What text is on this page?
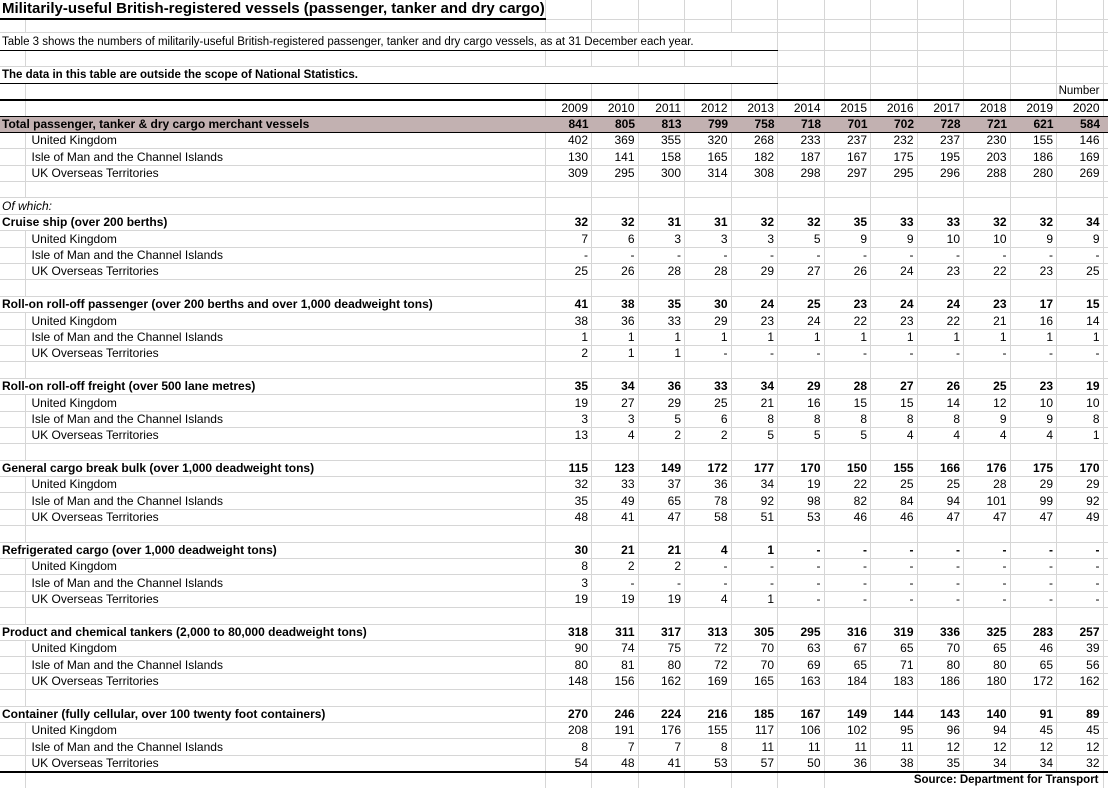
Militarily-useful British-registered vessels (passenger, tanker and dry cargo)														

Table 3 shows the numbers of militarily-useful British-registered passenger, tanker and dry cargo vessels, as at 31 December each year.														

The data in this table are outside the scope of National Statistics.														
													Number	
		2009	2010	2011	2012	2013	2014	2015	2016	2017	2018	2019	2020	
Total passenger, tanker & dry cargo merchant vessels		841	805	813	799	758	718	701	702	728	721	621	584	
	United Kingdom	402	369	355	320	268	233	237	232	237	230	155	146	
	Isle of Man and the Channel Islands	130	141	158	165	182	187	167	175	195	203	186	169	
	UK Overseas Territories	309	295	300	314	308	298	297	295	296	288	280	269	

Of which:														
Cruise ship (over 200 berths)		32	32	31	31	32	32	35	33	33	32	32	34	
	United Kingdom	7	6	3	3	3	5	9	9	10	10	9	9	
	Isle of Man and the Channel Islands	-	-	-	-	-	-	-	-	-	-	-	-	
	UK Overseas Territories	25	26	28	28	29	27	26	24	23	22	23	25	

Roll-on roll-off passenger (over 200 berths and over 1,000 deadweight tons)		41	38	35	30	24	25	23	24	24	23	17	15	
	United Kingdom	38	36	33	29	23	24	22	23	22	21	16	14	
	Isle of Man and the Channel Islands	1	1	1	1	1	1	1	1	1	1	1	1	
	UK Overseas Territories	2	1	1	-	-	-	-	-	-	-	-	-	

Roll-on roll-off freight (over 500 lane metres)		35	34	36	33	34	29	28	27	26	25	23	19	
	United Kingdom	19	27	29	25	21	16	15	15	14	12	10	10	
	Isle of Man and the Channel Islands	3	3	5	6	8	8	8	8	8	9	9	8	
	UK Overseas Territories	13	4	2	2	5	5	5	4	4	4	4	1	

General cargo break bulk (over 1,000 deadweight tons)		115	123	149	172	177	170	150	155	166	176	175	170	
	United Kingdom	32	33	37	36	34	19	22	25	25	28	29	29	
	Isle of Man and the Channel Islands	35	49	65	78	92	98	82	84	94	101	99	92	
	UK Overseas Territories	48	41	47	58	51	53	46	46	47	47	47	49	

Refrigerated cargo (over 1,000 deadweight tons)		30	21	21	4	1	-	-	-	-	-	-	-	
	United Kingdom	8	2	2	-	-	-	-	-	-	-	-	-	
	Isle of Man and the Channel Islands	3	-	-	-	-	-	-	-	-	-	-	-	
	UK Overseas Territories	19	19	19	4	1	-	-	-	-	-	-	-	

Product and chemical tankers (2,000 to 80,000 deadweight tons)		318	311	317	313	305	295	316	319	336	325	283	257	
	United Kingdom	90	74	75	72	70	63	67	65	70	65	46	39	
	Isle of Man and the Channel Islands	80	81	80	72	70	69	65	71	80	80	65	56	
	UK Overseas Territories	148	156	162	169	165	163	184	183	186	180	172	162	

Container (fully cellular, over 100 twenty foot containers)		270	246	224	216	185	167	149	144	143	140	91	89	
	United Kingdom	208	191	176	155	117	106	102	95	96	94	45	45	
	Isle of Man and the Channel Islands	8	7	7	8	11	11	11	11	12	12	12	12	
	UK Overseas Territories	54	48	41	53	57	50	36	38	35	34	34	32	
								Source: Department for Transport						
